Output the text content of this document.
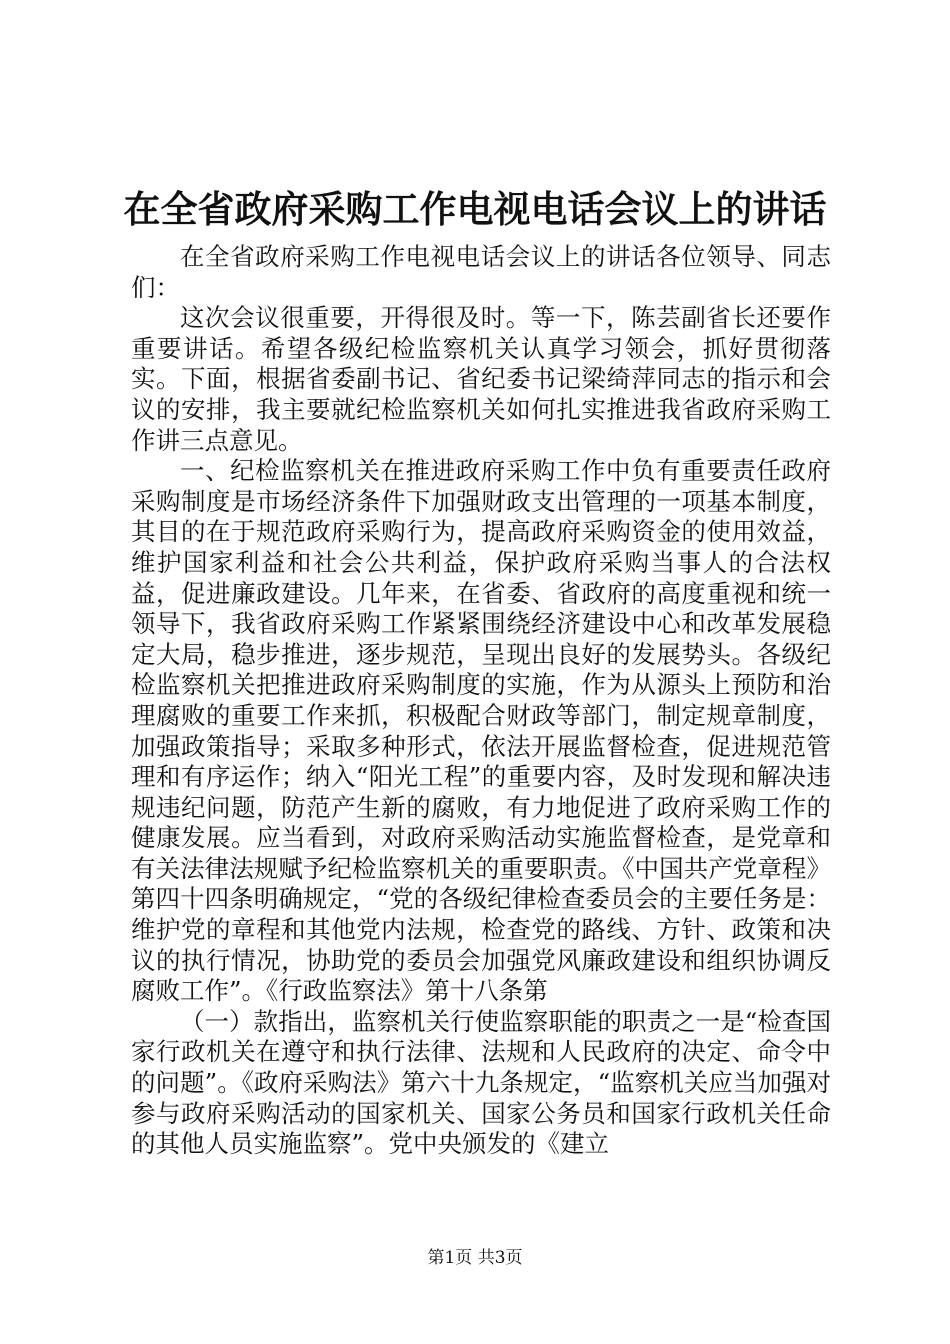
在全省政府采购工作电视电话会议上的讲话

在全省政府采购工作电视电话会议上的讲话各位领导、同志们：

这次会议很重要，开得很及时。等一下，陈芸副省长还要作重要讲话。希望各级纪检监察机关认真学习领会，抓好贯彻落实。下面，根据省委副书记、省纪委书记梁绮萍同志的指示和会议的安排，我主要就纪检监察机关如何扎实推进我省政府采购工作讲三点意见。

一、纪检监察机关在推进政府采购工作中负有重要责任政府采购制度是市场经济条件下加强财政支出管理的一项基本制度，其目的在于规范政府采购行为，提高政府采购资金的使用效益，维护国家利益和社会公共利益，保护政府采购当事人的合法权益，促进廉政建设。几年来，在省委、省政府的高度重视和统一领导下，我省政府采购工作紧紧围绕经济建设中心和改革发展稳定大局，稳步推进，逐步规范，呈现出良好的发展势头。各级纪检监察机关把推进政府采购制度的实施，作为从源头上预防和治理腐败的重要工作来抓，积极配合财政等部门，制定规章制度，加强政策指导；采取多种形式，依法开展监督检查，促进规范管理和有序运作；纳入“阳光工程”的重要内容，及时发现和解决违规违纪问题，防范产生新的腐败，有力地促进了政府采购工作的健康发展。应当看到，对政府采购活动实施监督检查，是党章和有关法律法规赋予纪检监察机关的重要职责。《中国共产党章程》第四十四条明确规定，“党的各级纪律检查委员会的主要任务是：维护党的章程和其他党内法规，检查党的路线、方针、政策和决议的执行情况，协助党的委员会加强党风廉政建设和组织协调反腐败工作”。《行政监察法》第十八条第

（一）款指出，监察机关行使监察职能的职责之一是“检查国家行政机关在遵守和执行法律、法规和人民政府的决定、命令中的问题”。《政府采购法》第六十九条规定，“监察机关应当加强对参与政府采购活动的国家机关、国家公务员和国家行政机关任命的其他人员实施监察”。党中央颁发的《建立

第1页 共3页
